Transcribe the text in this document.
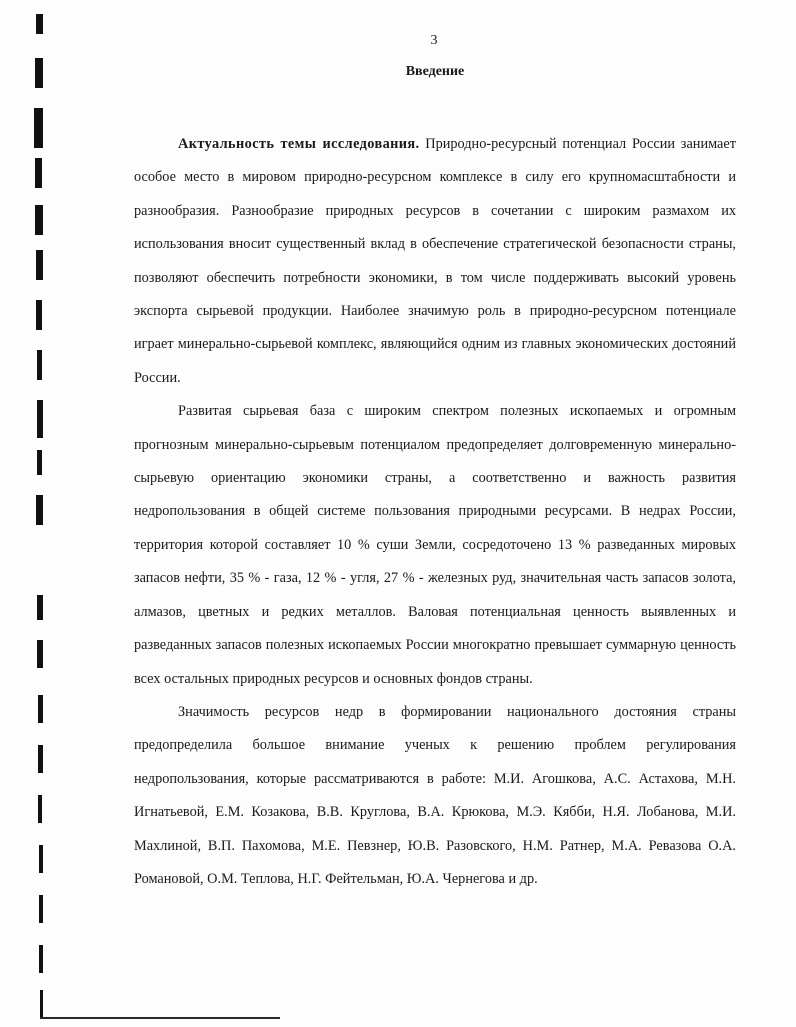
3
Введение

Актуальность темы исследования. Природно-ресурсный потенциал России занимает особое место в мировом природно-ресурсном комплексе в силу его крупномасштабности и разнообразия. Разнообразие природных ресурсов в сочетании с широким размахом их использования вносит существенный вклад в обеспечение стратегической безопасности страны, позволяют обеспечить потребности экономики, в том числе поддерживать высокий уровень экспорта сырьевой продукции. Наиболее значимую роль в природно-ресурсном потенциале играет минерально-сырьевой комплекс, являющийся одним из главных экономических достояний России.

Развитая сырьевая база с широким спектром полезных ископаемых и огромным прогнозным минерально-сырьевым потенциалом предопределяет долговременную минерально-сырьевую ориентацию экономики страны, а соответственно и важность развития недропользования в общей системе пользования природными ресурсами. В недрах России, территория которой составляет 10 % суши Земли, сосредоточено 13 % разведанных мировых запасов нефти, 35 % - газа, 12 % - угля, 27 % - железных руд, значительная часть запасов золота, алмазов, цветных и редких металлов. Валовая потенциальная ценность выявленных и разведанных запасов полезных ископаемых России многократно превышает суммарную ценность всех остальных природных ресурсов и основных фондов страны.

Значимость ресурсов недр в формировании национального достояния страны предопределила большое внимание ученых к решению проблем регулирования недропользования, которые рассматриваются в работе: М.И. Агошкова, А.С. Астахова, М.Н. Игнатьевой, Е.М. Козакова, В.В. Круглова, В.А. Крюкова, М.Э. Кябби, Н.Я. Лобанова, М.И. Махлиной, В.П. Пахомова, М.Е. Певзнер, Ю.В. Разовского, Н.М. Ратнер, М.А. Ревазова О.А. Романовой, О.М. Теплова, Н.Г. Фейтельман, Ю.А. Чернегова и др.
